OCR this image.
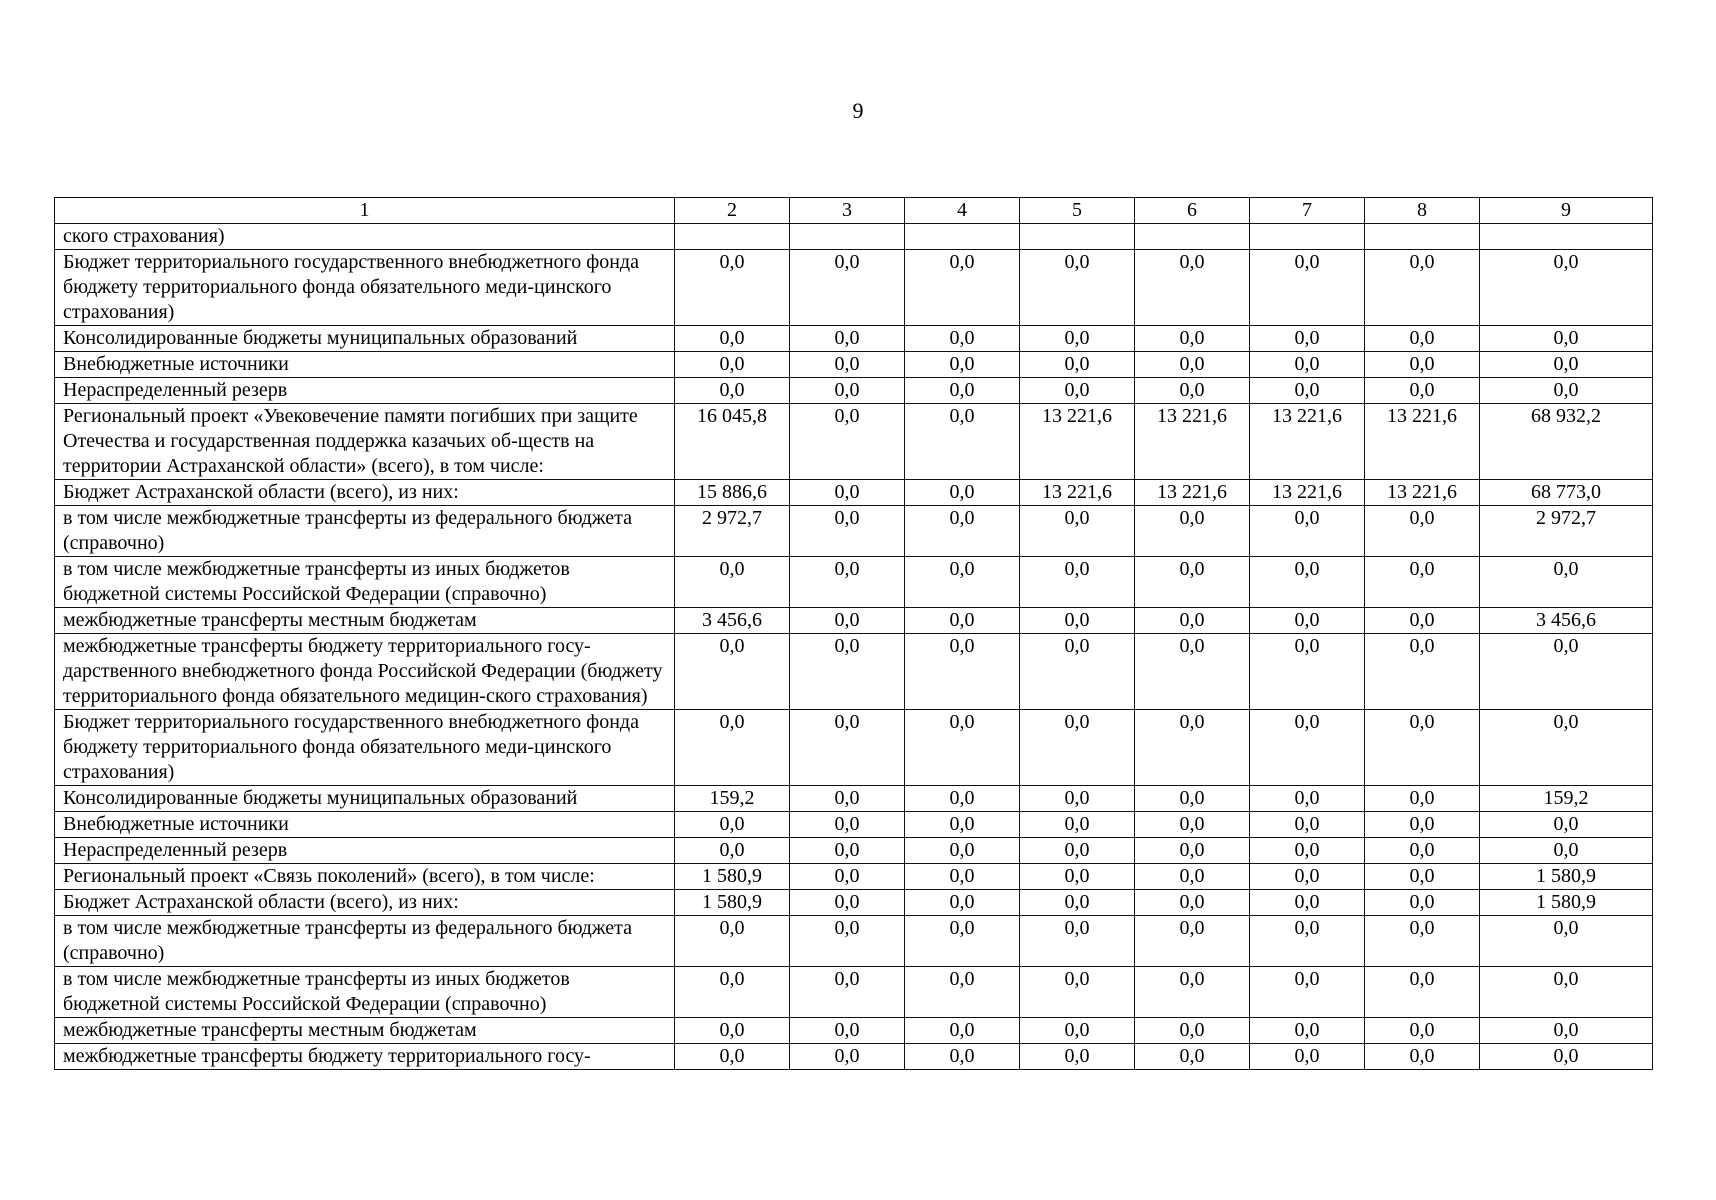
9
1	2	3	4	5	6	7	8	9
ского страхования)								
Бюджет территориального государственного внебюджетного фонда бюджету территориального фонда обязательного меди-цинского страхования)	0,0	0,0	0,0	0,0	0,0	0,0	0,0	0,0
Консолидированные бюджеты муниципальных образований	0,0	0,0	0,0	0,0	0,0	0,0	0,0	0,0
Внебюджетные источники	0,0	0,0	0,0	0,0	0,0	0,0	0,0	0,0
Нераспределенный резерв	0,0	0,0	0,0	0,0	0,0	0,0	0,0	0,0
Региональный проект «Увековечение памяти погибших при защите Отечества и государственная поддержка казачьих об-ществ на территории Астраханской области» (всего), в том числе:	16 045,8	0,0	0,0	13 221,6	13 221,6	13 221,6	13 221,6	68 932,2
Бюджет Астраханской области (всего), из них:	15 886,6	0,0	0,0	13 221,6	13 221,6	13 221,6	13 221,6	68 773,0
в том числе межбюджетные трансферты из федерального бюджета (справочно)	2 972,7	0,0	0,0	0,0	0,0	0,0	0,0	2 972,7
в том числе межбюджетные трансферты из иных бюджетов бюджетной системы Российской Федерации (справочно)	0,0	0,0	0,0	0,0	0,0	0,0	0,0	0,0
межбюджетные трансферты местным бюджетам	3 456,6	0,0	0,0	0,0	0,0	0,0	0,0	3 456,6
межбюджетные трансферты бюджету территориального госу-дарственного внебюджетного фонда Российской Федерации (бюджету территориального фонда обязательного медицин-ского страхования)	0,0	0,0	0,0	0,0	0,0	0,0	0,0	0,0
Бюджет территориального государственного внебюджетного фонда бюджету территориального фонда обязательного меди-цинского страхования)	0,0	0,0	0,0	0,0	0,0	0,0	0,0	0,0
Консолидированные бюджеты муниципальных образований	159,2	0,0	0,0	0,0	0,0	0,0	0,0	159,2
Внебюджетные источники	0,0	0,0	0,0	0,0	0,0	0,0	0,0	0,0
Нераспределенный резерв	0,0	0,0	0,0	0,0	0,0	0,0	0,0	0,0
Региональный проект «Связь поколений» (всего), в том числе:	1 580,9	0,0	0,0	0,0	0,0	0,0	0,0	1 580,9
Бюджет Астраханской области (всего), из них:	1 580,9	0,0	0,0	0,0	0,0	0,0	0,0	1 580,9
в том числе межбюджетные трансферты из федерального бюджета (справочно)	0,0	0,0	0,0	0,0	0,0	0,0	0,0	0,0
в том числе межбюджетные трансферты из иных бюджетов бюджетной системы Российской Федерации (справочно)	0,0	0,0	0,0	0,0	0,0	0,0	0,0	0,0
межбюджетные трансферты местным бюджетам	0,0	0,0	0,0	0,0	0,0	0,0	0,0	0,0
межбюджетные трансферты бюджету территориального госу-	0,0	0,0	0,0	0,0	0,0	0,0	0,0	0,0
